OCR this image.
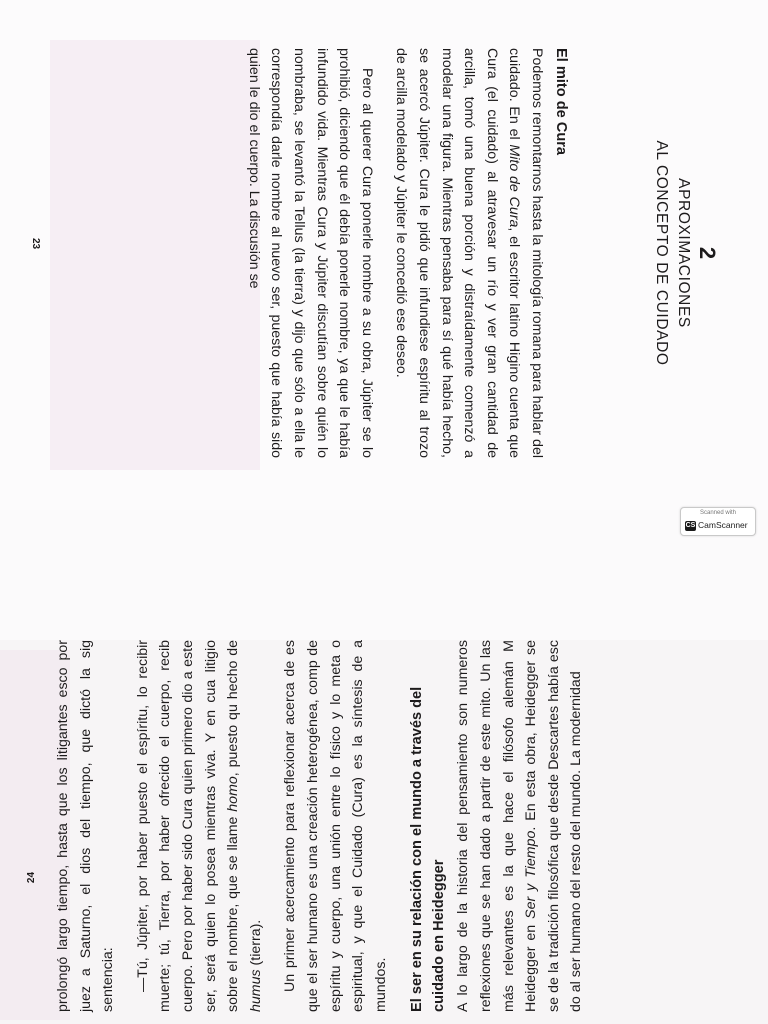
2

APROXIMACIONES

AL CONCEPTO DE CUIDADO

El mito de Cura

Podemos remontarnos hasta la mitología romana para hablar del cuidado. En el Mito de Cura, el escritor latino Higino cuenta que Cura (el cuidado) al atravesar un río y ver gran cantidad de arcilla, tomó una buena porción y distraídamente comenzó a modelar una figura. Mientras pensaba para sí qué había hecho, se acercó Júpiter. Cura le pidió que infundiese espíritu al trozo de arcilla modelado y Júpiter le concedió ese deseo.

Pero al querer Cura ponerle nombre a su obra, Júpiter se lo prohibió, diciendo que él debía ponerle nombre, ya que le había infundido vida. Mientras Cura y Júpiter discutían sobre quién lo nombraba, se levantó la Tellus (la tierra) y dijo que sólo a ella le correspondía darle nombre al nuevo ser, puesto que había sido quien le dio el cuerpo. La discusión se

23

prolongó largo tiempo, hasta que los litigantes esco por juez a Saturno, el dios del tiempo, que dictó la sig sentencia: —Tú, Júpiter, por haber puesto el espíritu, lo recibir muerte; tú, Tierra, por haber ofrecido el cuerpo, recib cuerpo. Pero por haber sido Cura quien primero dio a este ser, será quien lo posea mientras viva. Y en cua litigio sobre el nombre, que se llame homo, puesto qu hecho de humus (tierra). Un primer acercamiento para reflexionar acerca de es que el ser humano es una creación heterogénea, comp de espíritu y cuerpo, una unión entre lo físico y lo meta o espiritual, y que el Cuidado (Cura) es la síntesis de a mundos. El ser en su relación con el mundo a través del cuidado en Heidegger A lo largo de la historia del pensamiento son numeros reflexiones que se han dado a partir de este mito. Un las más relevantes es la que hace el filósofo alemán M Heidegger en Ser y Tiempo. En esta obra, Heidegger se se de la tradición filosófica que desde Descartes había esc do al ser humano del resto del mundo. La modernidad

24
Scanned with
CS CamScanner
